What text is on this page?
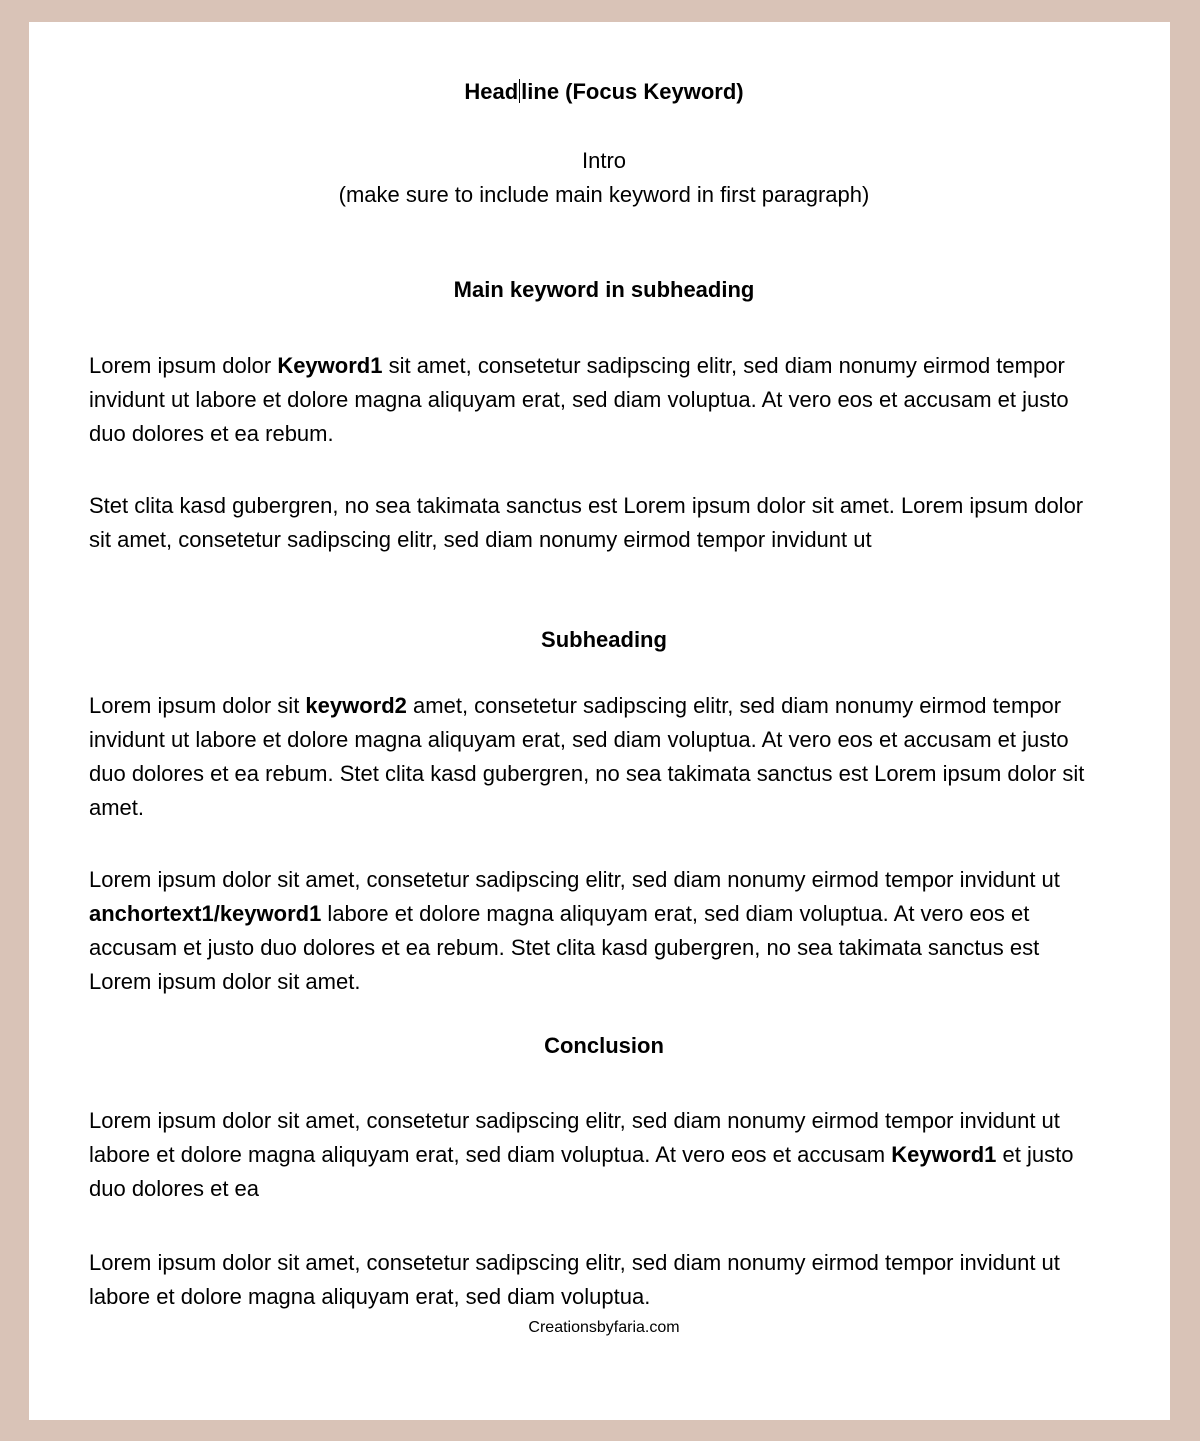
Head line (Focus Keyword)

Intro
(make sure to include main keyword in first paragraph)

Main keyword in subheading

Lorem ipsum dolor Keyword1 sit amet, consetetur sadipscing elitr, sed diam nonumy eirmod tempor invidunt ut labore et dolore magna aliquyam erat, sed diam voluptua. At vero eos et accusam et justo duo dolores et ea rebum.

Stet clita kasd gubergren, no sea takimata sanctus est Lorem ipsum dolor sit amet. Lorem ipsum dolor sit amet, consetetur sadipscing elitr, sed diam nonumy eirmod tempor invidunt ut

Subheading

Lorem ipsum dolor sit keyword2 amet, consetetur sadipscing elitr, sed diam nonumy eirmod tempor invidunt ut labore et dolore magna aliquyam erat, sed diam voluptua. At vero eos et accusam et justo duo dolores et ea rebum. Stet clita kasd gubergren, no sea takimata sanctus est Lorem ipsum dolor sit amet.

Lorem ipsum dolor sit amet, consetetur sadipscing elitr, sed diam nonumy eirmod tempor invidunt ut anchortext1/keyword1 labore et dolore magna aliquyam erat, sed diam voluptua. At vero eos et accusam et justo duo dolores et ea rebum. Stet clita kasd gubergren, no sea takimata sanctus est Lorem ipsum dolor sit amet.

Conclusion

Lorem ipsum dolor sit amet, consetetur sadipscing elitr, sed diam nonumy eirmod tempor invidunt ut labore et dolore magna aliquyam erat, sed diam voluptua. At vero eos et accusam Keyword1 et justo duo dolores et ea

Lorem ipsum dolor sit amet, consetetur sadipscing elitr, sed diam nonumy eirmod tempor invidunt ut labore et dolore magna aliquyam erat, sed diam voluptua.

Creationsbyfaria.com
